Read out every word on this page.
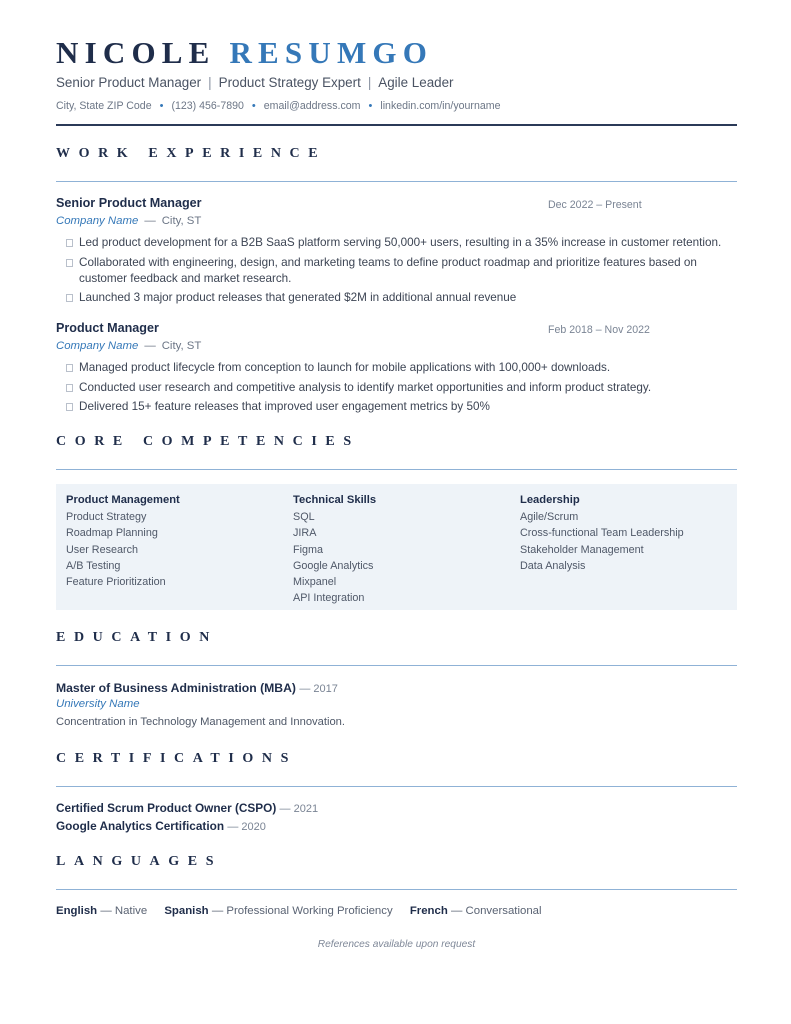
NICOLE RESUMGO
Senior Product Manager | Product Strategy Expert | Agile Leader
City, State ZIP Code • (123) 456-7890 • email@address.com • linkedin.com/in/yourname
WORK EXPERIENCE
Senior Product Manager	Dec 2022 – Present
Company Name — City, ST
Led product development for a B2B SaaS platform serving 50,000+ users, resulting in a 35% increase in customer retention.
Collaborated with engineering, design, and marketing teams to define product roadmap and prioritize features based on customer feedback and market research.
Launched 3 major product releases that generated $2M in additional annual revenue
Product Manager	Feb 2018 – Nov 2022
Company Name — City, ST
Managed product lifecycle from conception to launch for mobile applications with 100,000+ downloads.
Conducted user research and competitive analysis to identify market opportunities and inform product strategy.
Delivered 15+ feature releases that improved user engagement metrics by 50%
CORE COMPETENCIES
Product Management
Product Strategy
Roadmap Planning
User Research
A/B Testing
Feature Prioritization
Technical Skills
SQL
JIRA
Figma
Google Analytics
Mixpanel
API Integration
Leadership
Agile/Scrum
Cross-functional Team Leadership
Stakeholder Management
Data Analysis
EDUCATION
Master of Business Administration (MBA) — 2017
University Name
Concentration in Technology Management and Innovation.
CERTIFICATIONS
Certified Scrum Product Owner (CSPO) — 2021
Google Analytics Certification — 2020
LANGUAGES
English — Native Spanish — Professional Working Proficiency French — Conversational
References available upon request
